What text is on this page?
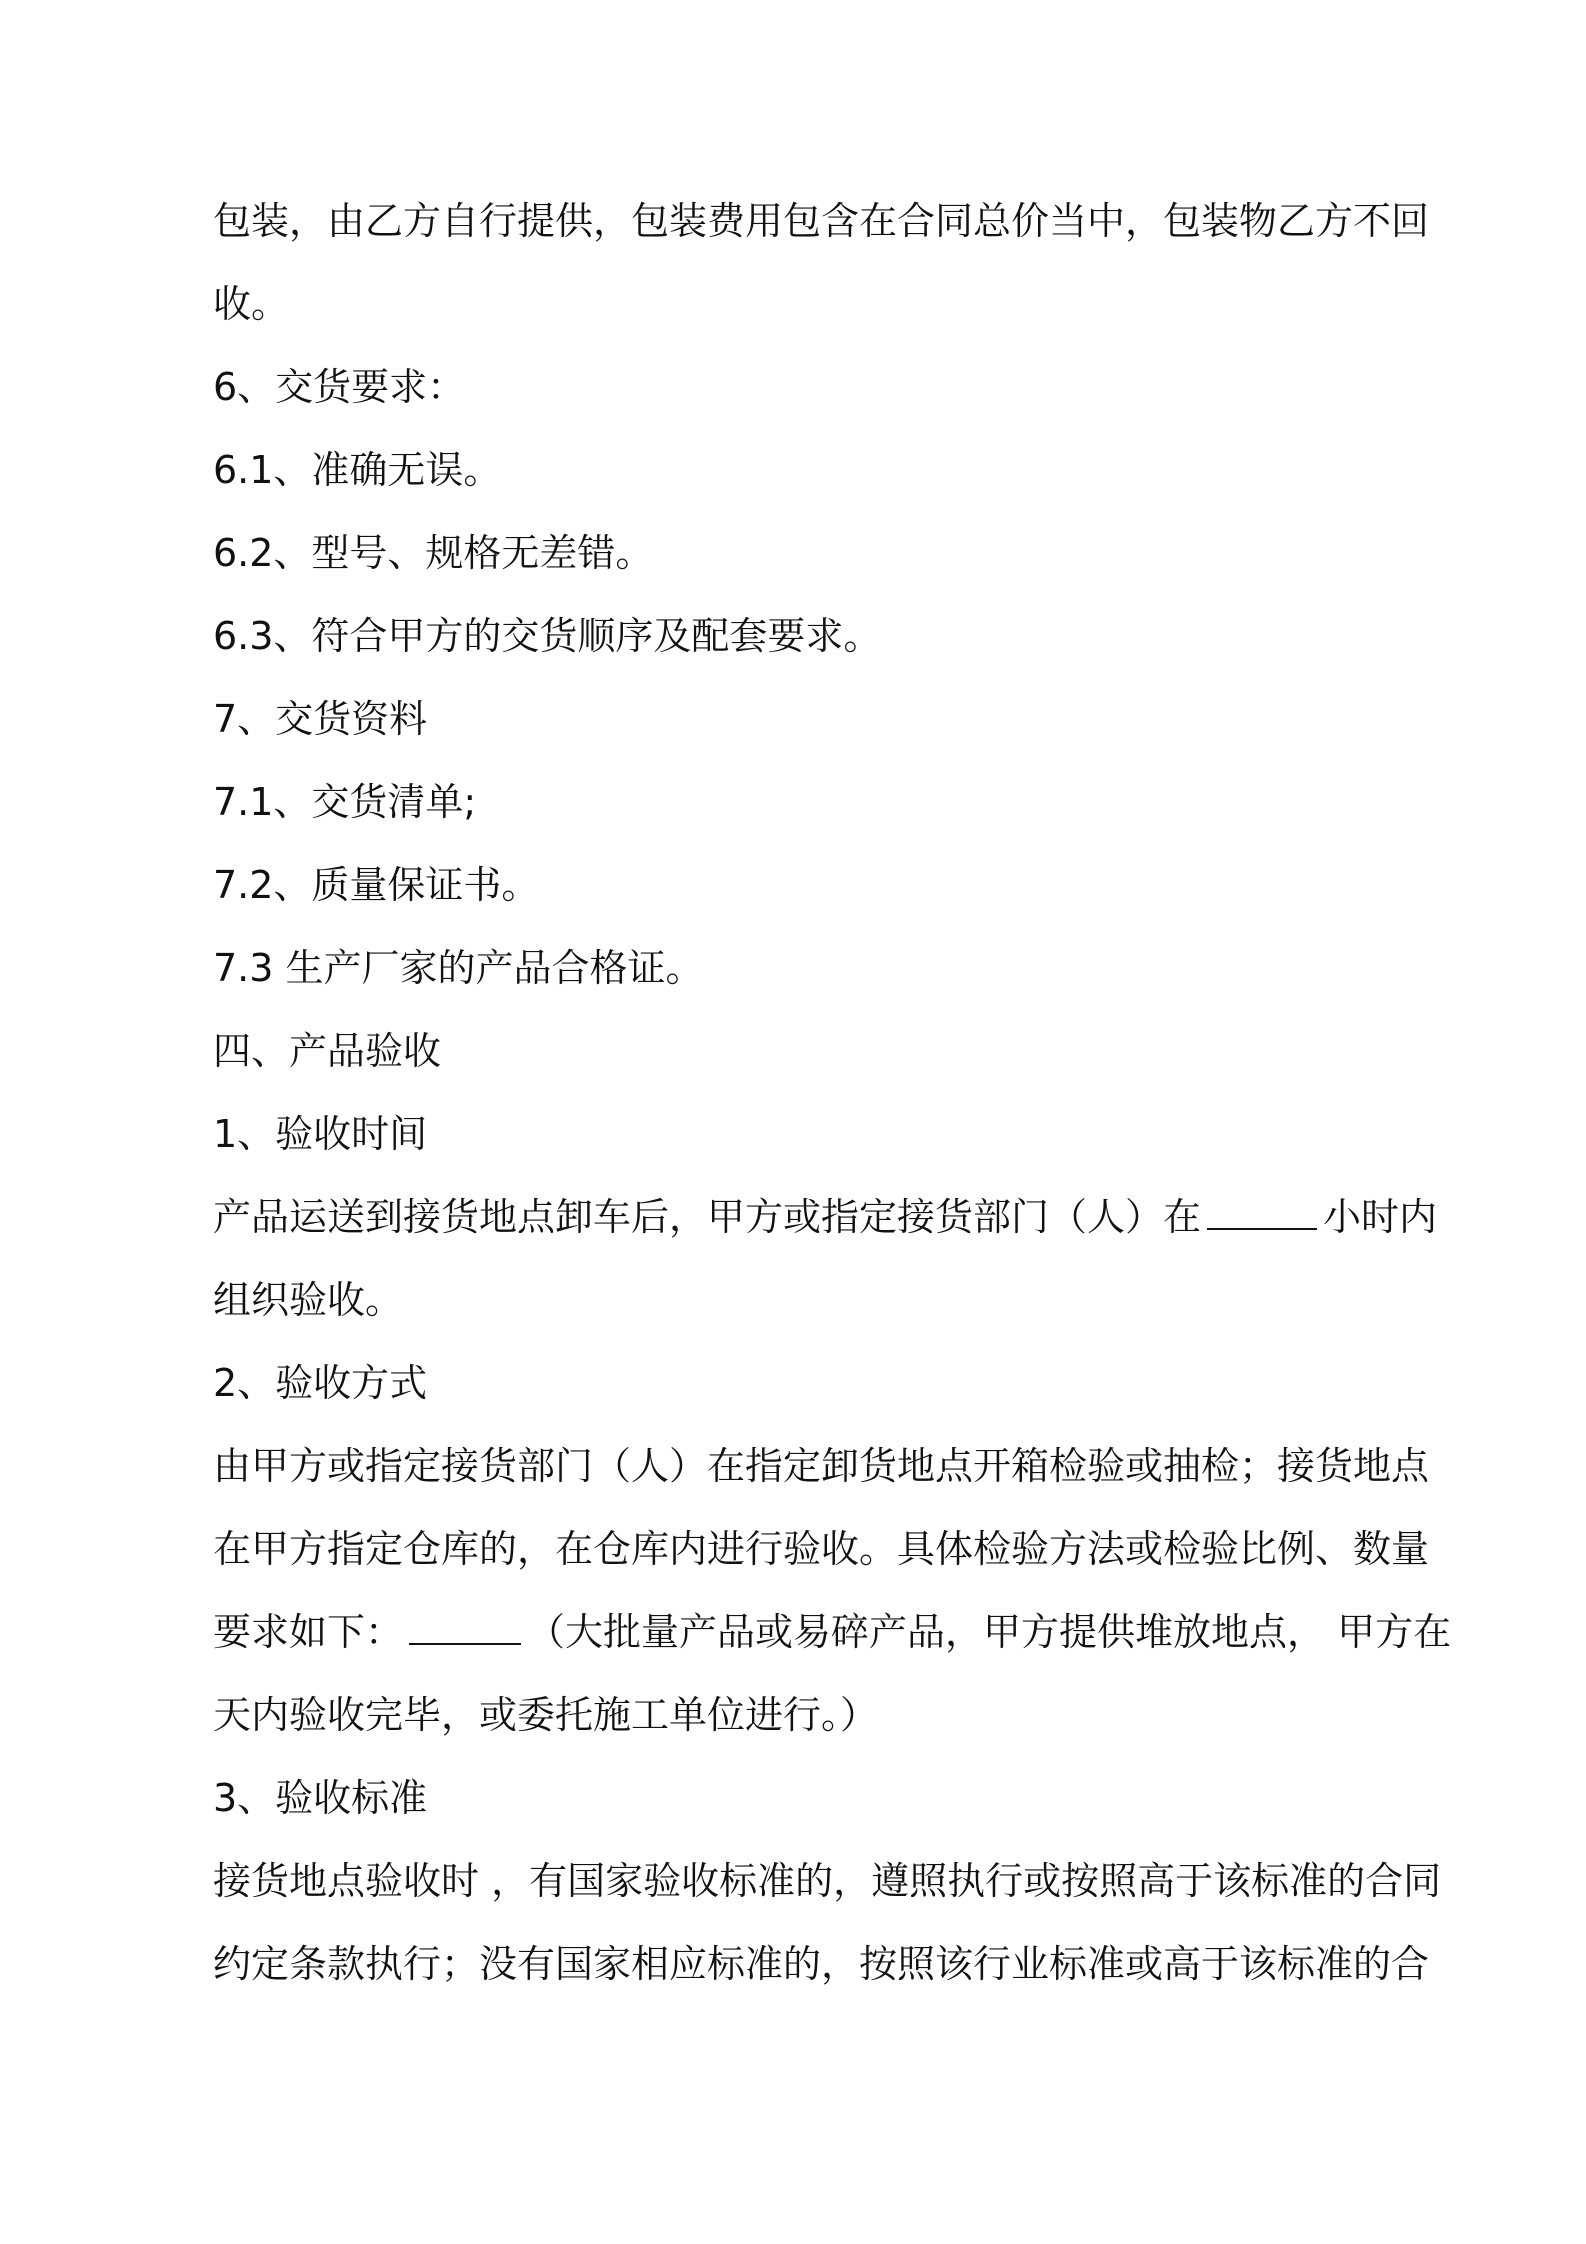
包装，由乙方自行提供，包装费用包含在合同总价当中，包装物乙方不回
收。
6、交货要求：
6.1、准确无误。
6.2、型号、规格无差错。
6.3、符合甲方的交货顺序及配套要求。
7、交货资料
7.1、交货清单;
7.2、质量保证书。
7.3 生产厂家的产品合格证。
四、产品验收
1、验收时间
产品运送到接货地点卸车后，甲方或指定接货部门（人）在	小时内
组织验收。
2、验收方式
由甲方或指定接货部门（人）在指定卸货地点开箱检验或抽检；接货地点
在甲方指定仓库的，在仓库内进行验收。具体检验方法或检验比例、数量
要求如下：	（大批量产品或易碎产品，甲方提供堆放地点， 甲方在
天内验收完毕，或委托施工单位进行。）
3、验收标准
接货地点验收时 ，有国家验收标准的，遵照执行或按照高于该标准的合同
约定条款执行；没有国家相应标准的，按照该行业标准或高于该标准的合
